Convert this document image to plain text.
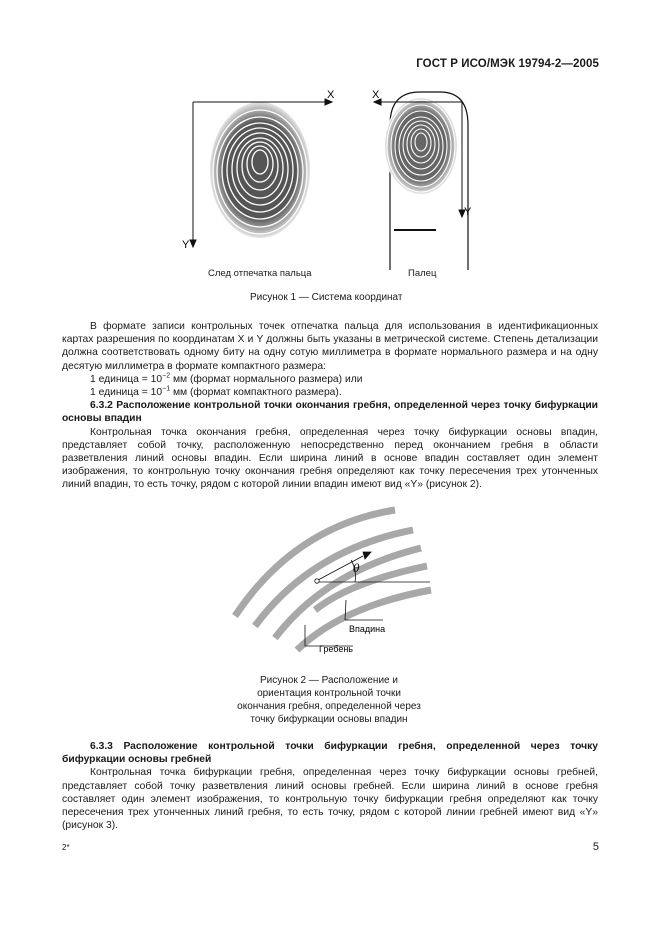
ГОСТ Р ИСО/МЭК 19794-2—2005
X
Y
X
Y
След отпечатка пальца	Палец
Рисунок 1 — Система координат

В формате записи контрольных точек отпечатка пальца для использования в идентификационных картах разрешения по координатам X и Y должны быть указаны в метрической системе. Степень детализации должна соответствовать одному биту на одну сотую миллиметра в формате нормального размера и на одну десятую миллиметра в формате компактного размера:

1 единица = $10^{-2}$ мм (формат нормального размера) или

1 единица = $10^{-1}$ мм (формат компактного размера).

6.3.2 Расположение контрольной точки окончания гребня, определенной через точку бифуркации основы впадин

Контрольная точка окончания гребня, определенная через точку бифуркации основы впадин, представляет собой точку, расположенную непосредственно перед окончанием гребня в области разветвления линий основы впадин. Если ширина линий в основе впадин составляет один элемент изображения, то контрольную точку окончания гребня определяют как точку пересечения трех утонченных линий впадин, то есть точку, рядом с которой линии впадин имеют вид «Y» (рисунок 2).

θ
Впадина
Гребень
Рисунок 2 — Расположение и ориентация контрольной точки окончания гребня, определенной через точку бифуркации основы впадин

6.3.3 Расположение контрольной точки бифуркации гребня, определенной через точку бифуркации основы гребней

Контрольная точка бифуркации гребня, определенная через точку бифуркации основы гребней, представляет собой точку разветвления линий основы гребней. Если ширина линий в основе гребня составляет один элемент изображения, то контрольную точку бифуркации гребня определяют как точку пересечения трех утонченных линий гребня, то есть точку, рядом с которой линии гребней имеют вид «Y» (рисунок 3).

2*	5
